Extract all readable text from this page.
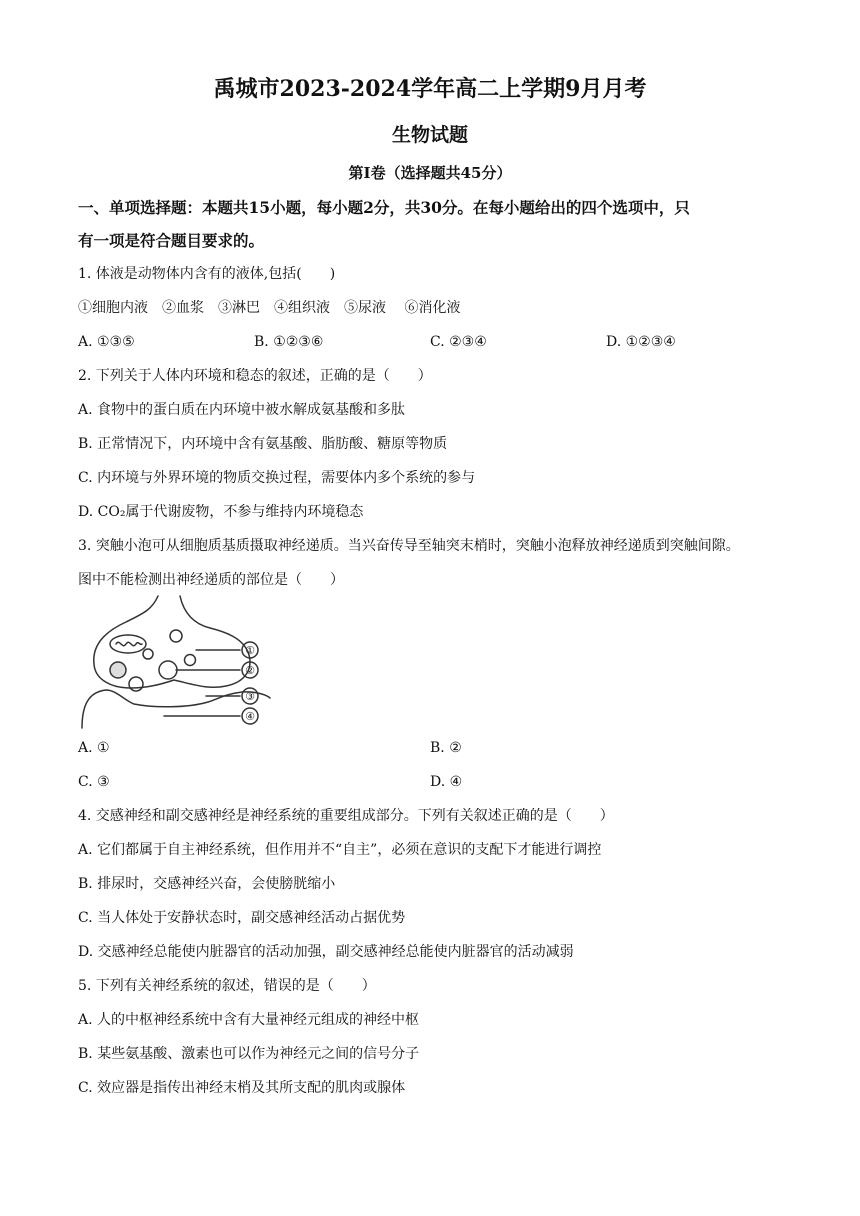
禹城市2023-2024学年高二上学期9月月考
生物试题
第Ⅰ卷（选择题共45分）
一、单项选择题：本题共15小题，每小题2分，共30分。在每小题给出的四个选项中，只
有一项是符合题目要求的。
1. 体液是动物体内含有的液体,包括(　　)
①细胞内液　②血浆　③淋巴　④组织液　⑤尿液　 ⑥消化液
A. ①③⑤	B. ①②③⑥	C. ②③④	D. ①②③④
2. 下列关于人体内环境和稳态的叙述，正确的是（　　）
A. 食物中的蛋白质在内环境中被水解成氨基酸和多肽
B. 正常情况下，内环境中含有氨基酸、脂肪酸、糖原等物质
C. 内环境与外界环境的物质交换过程，需要体内多个系统的参与
D. CO₂属于代谢废物，不参与维持内环境稳态
3. 突触小泡可从细胞质基质摄取神经递质。当兴奋传导至轴突末梢时，突触小泡释放神经递质到突触间隙。
图中不能检测出神经递质的部位是（　　）
①
②
③
④
A. ①	B. ②
C. ③	D. ④
4. 交感神经和副交感神经是神经系统的重要组成部分。下列有关叙述正确的是（　　）
A. 它们都属于自主神经系统，但作用并不“自主”，必须在意识的支配下才能进行调控
B. 排尿时，交感神经兴奋，会使膀胱缩小
C. 当人体处于安静状态时，副交感神经活动占据优势
D. 交感神经总能使内脏器官的活动加强，副交感神经总能使内脏器官的活动减弱
5. 下列有关神经系统的叙述，错误的是（　　）
A. 人的中枢神经系统中含有大量神经元组成的神经中枢
B. 某些氨基酸、激素也可以作为神经元之间的信号分子
C. 效应器是指传出神经末梢及其所支配的肌肉或腺体
